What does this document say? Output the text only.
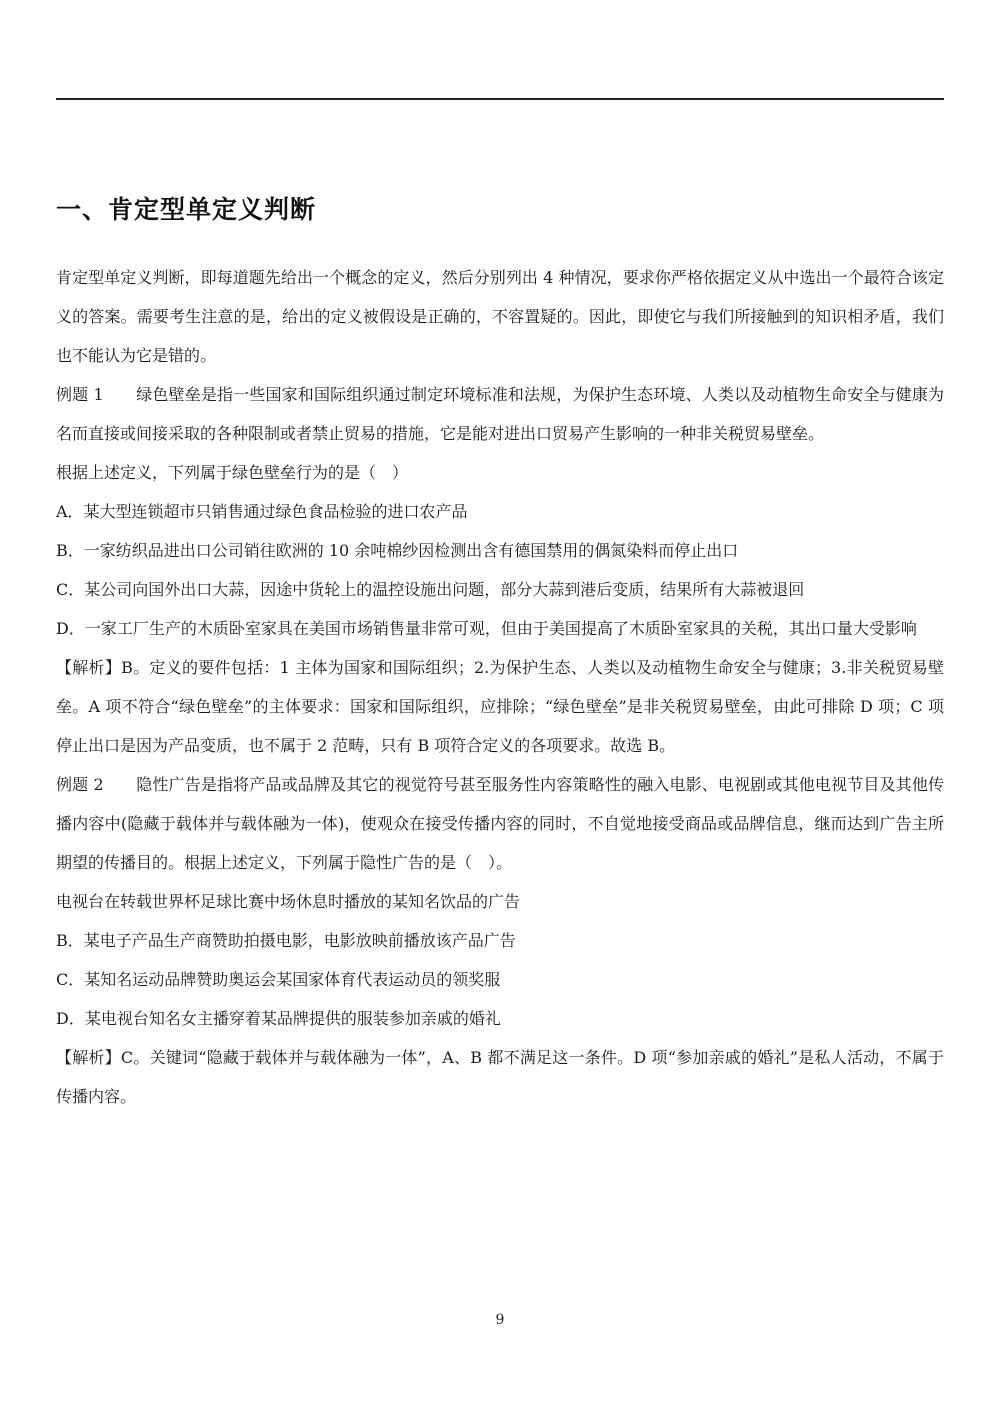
一、肯定型单定义判断

肯定型单定义判断，即每道题先给出一个概念的定义，然后分别列出 4 种情况，要求你严格依据定义从中选出一个最符合该定义的答案。需要考生注意的是，给出的定义被假设是正确的，不容置疑的。因此，即使它与我们所接触到的知识相矛盾，我们也不能认为它是错的。

例题 1　　绿色壁垒是指一些国家和国际组织通过制定环境标准和法规，为保护生态环境、人类以及动植物生命安全与健康为名而直接或间接采取的各种限制或者禁止贸易的措施，它是能对进出口贸易产生影响的一种非关税贸易壁垒。

根据上述定义，下列属于绿色壁垒行为的是（　）

A．某大型连锁超市只销售通过绿色食品检验的进口农产品

B．一家纺织品进出口公司销往欧洲的 10 余吨棉纱因检测出含有德国禁用的偶氮染料而停止出口

C．某公司向国外出口大蒜，因途中货轮上的温控设施出问题，部分大蒜到港后变质，结果所有大蒜被退回

D．一家工厂生产的木质卧室家具在美国市场销售量非常可观，但由于美国提高了木质卧室家具的关税，其出口量大受影响

【解析】B。定义的要件包括：1 主体为国家和国际组织；2.为保护生态、人类以及动植物生命安全与健康；3.非关税贸易壁垒。A 项不符合“绿色壁垒”的主体要求：国家和国际组织，应排除；“绿色壁垒”是非关税贸易壁垒，由此可排除 D 项；C 项停止出口是因为产品变质，也不属于 2 范畴，只有 B 项符合定义的各项要求。故选 B。

例题 2　　隐性广告是指将产品或品牌及其它的视觉符号甚至服务性内容策略性的融入电影、电视剧或其他电视节目及其他传播内容中(隐藏于载体并与载体融为一体)，使观众在接受传播内容的同时，不自觉地接受商品或品牌信息，继而达到广告主所期望的传播目的。根据上述定义，下列属于隐性广告的是（　）。

电视台在转载世界杯足球比赛中场休息时播放的某知名饮品的广告

B．某电子产品生产商赞助拍摄电影，电影放映前播放该产品广告

C．某知名运动品牌赞助奥运会某国家体育代表运动员的领奖服

D．某电视台知名女主播穿着某品牌提供的服装参加亲戚的婚礼

【解析】C。关键词“隐藏于载体并与载体融为一体”，A、B 都不满足这一条件。D 项“参加亲戚的婚礼”是私人活动，不属于传播内容。

9
